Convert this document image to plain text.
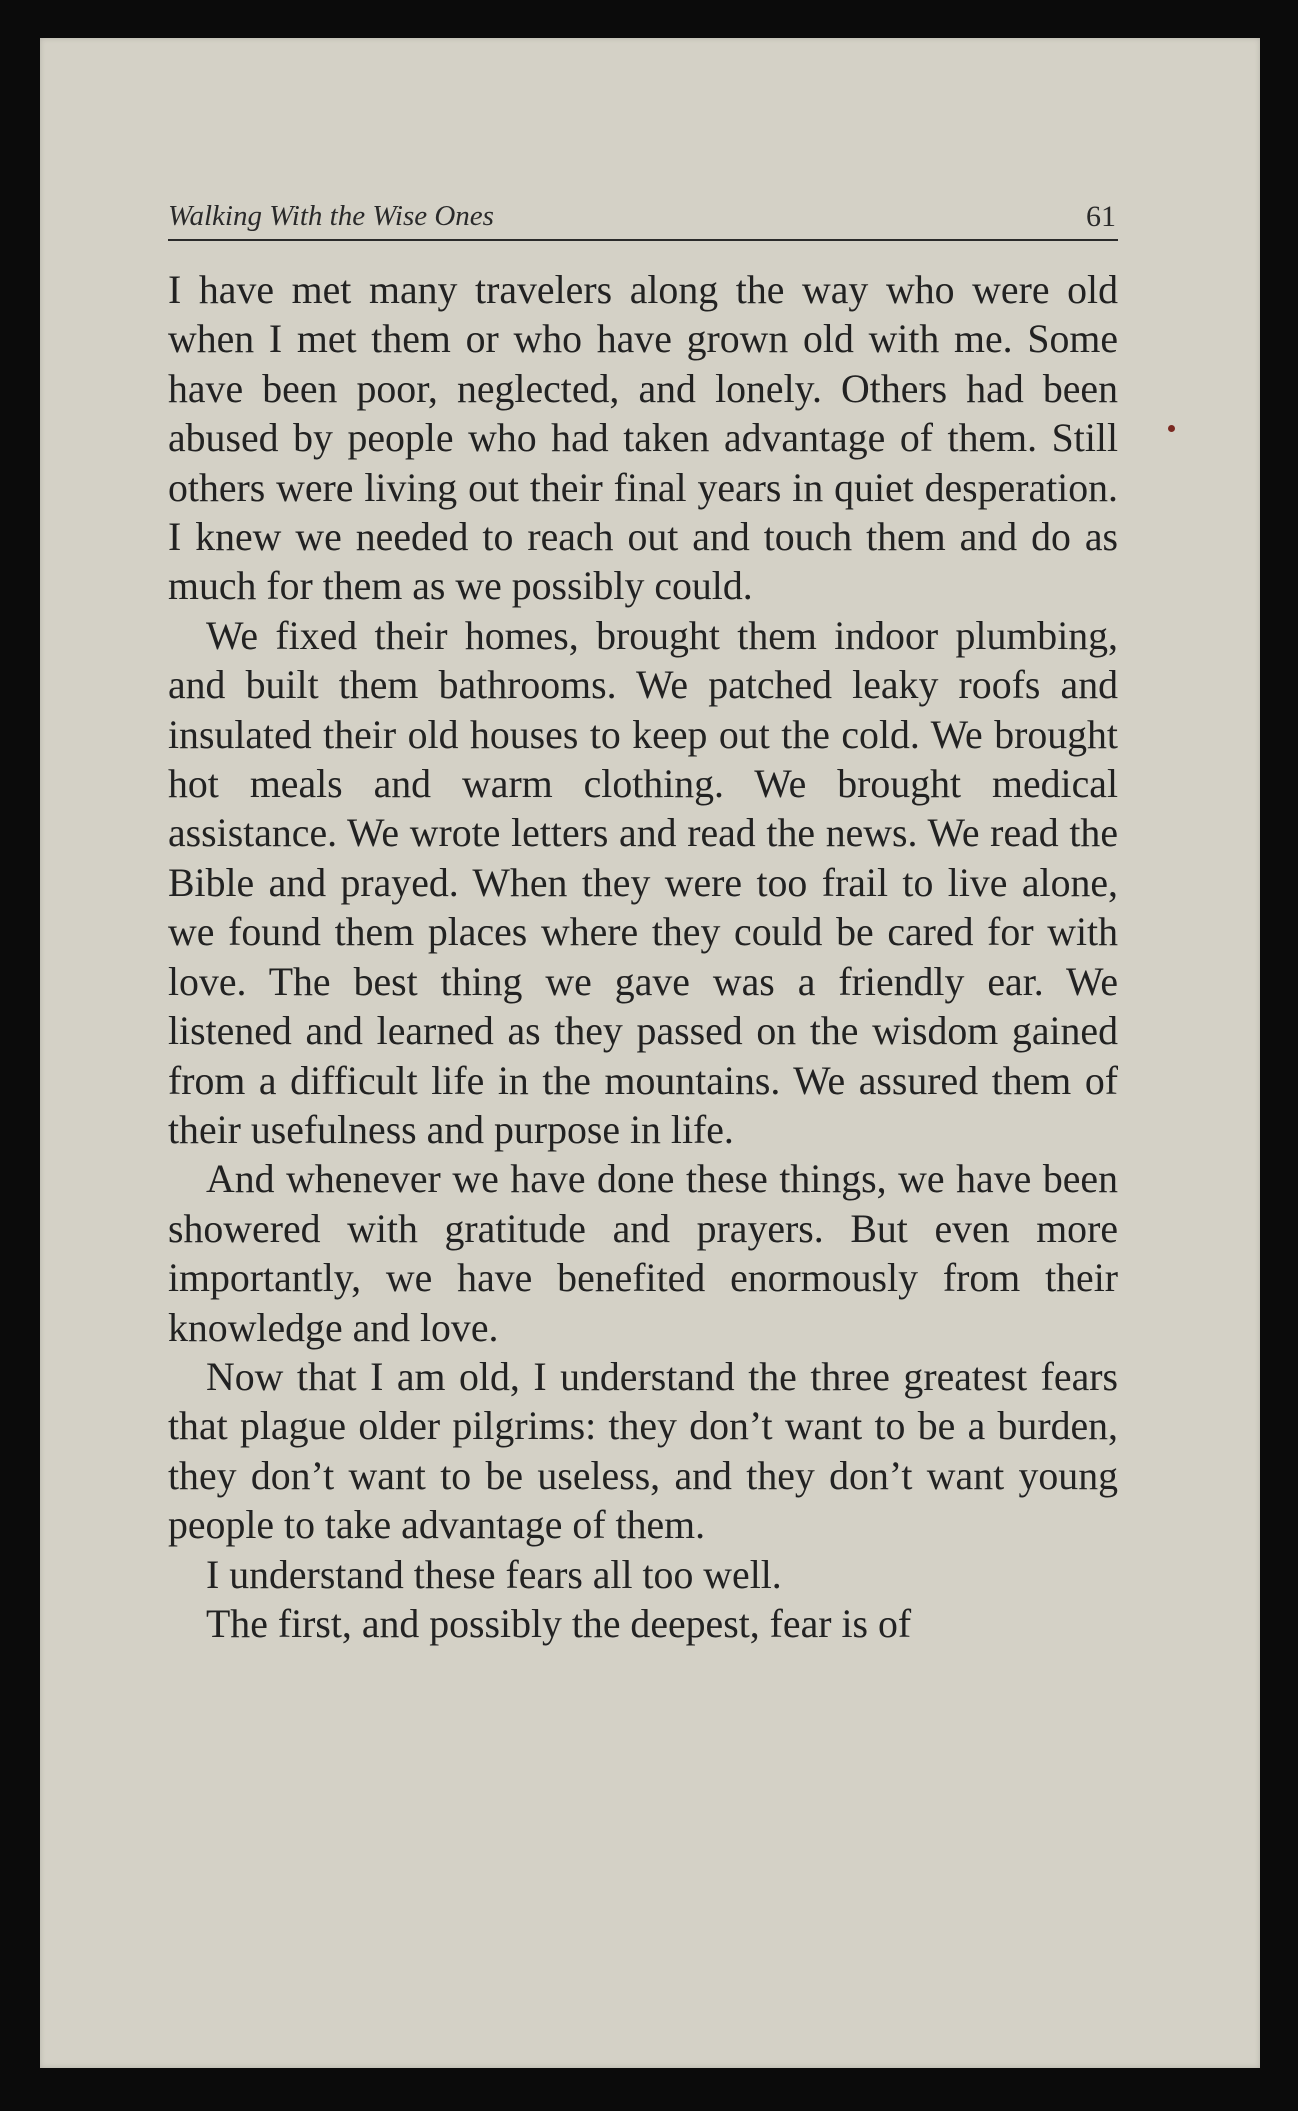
Walking With the Wise Ones	61

I have met many travelers along the way who were old when I met them or who have grown old with me. Some have been poor, neglected, and lonely. Others had been abused by people who had taken advantage of them. Still others were living out their final years in quiet desperation. I knew we needed to reach out and touch them and do as much for them as we possibly could.

We fixed their homes, brought them indoor plumbing, and built them bathrooms. We patched leaky roofs and insulated their old houses to keep out the cold. We brought hot meals and warm clothing. We brought medical assistance. We wrote letters and read the news. We read the Bible and prayed. When they were too frail to live alone, we found them places where they could be cared for with love. The best thing we gave was a friendly ear. We listened and learned as they passed on the wisdom gained from a difficult life in the mountains. We assured them of their usefulness and purpose in life.

And whenever we have done these things, we have been showered with gratitude and prayers. But even more importantly, we have benefited enormously from their knowledge and love.

Now that I am old, I understand the three greatest fears that plague older pilgrims: they don’t want to be a burden, they don’t want to be useless, and they don’t want young people to take advantage of them.

I understand these fears all too well.

The first, and possibly the deepest, fear is of
